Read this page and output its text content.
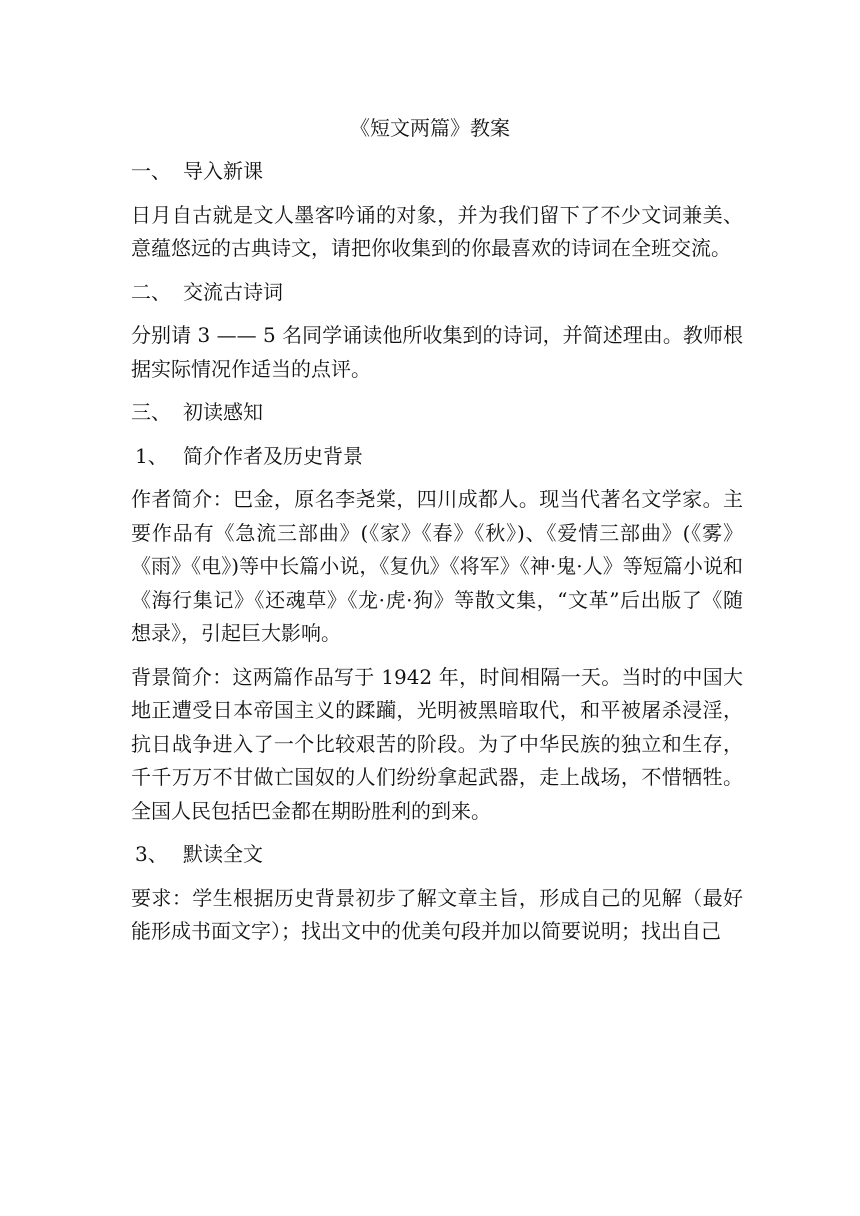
《短文两篇》教案
一、 导入新课
日月自古就是文人墨客吟诵的对象，并为我们留下了不少文词兼美、意蕴悠远的古典诗文，请把你收集到的你最喜欢的诗词在全班交流。
二、 交流古诗词
分别请 3 —— 5 名同学诵读他所收集到的诗词，并简述理由。教师根据实际情况作适当的点评。
三、 初读感知
1、 简介作者及历史背景
作者简介：巴金，原名李尧棠，四川成都人。现当代著名文学家。主要作品有《急流三部曲》(《家》《春》《秋》)、《爱情三部曲》(《雾》《雨》《电》)等中长篇小说，《复仇》《将军》《神·鬼·人》等短篇小说和《海行集记》《还魂草》《龙·虎·狗》等散文集，“文革”后出版了《随想录》，引起巨大影响。
背景简介：这两篇作品写于 1942 年，时间相隔一天。当时的中国大地正遭受日本帝国主义的蹂躏，光明被黑暗取代，和平被屠杀浸淫，抗日战争进入了一个比较艰苦的阶段。为了中华民族的独立和生存，千千万万不甘做亡国奴的人们纷纷拿起武器，走上战场，不惜牺牲。全国人民包括巴金都在期盼胜利的到来。
3、 默读全文
要求：学生根据历史背景初步了解文章主旨，形成自己的见解（最好能形成书面文字）；找出文中的优美句段并加以简要说明；找出自己
